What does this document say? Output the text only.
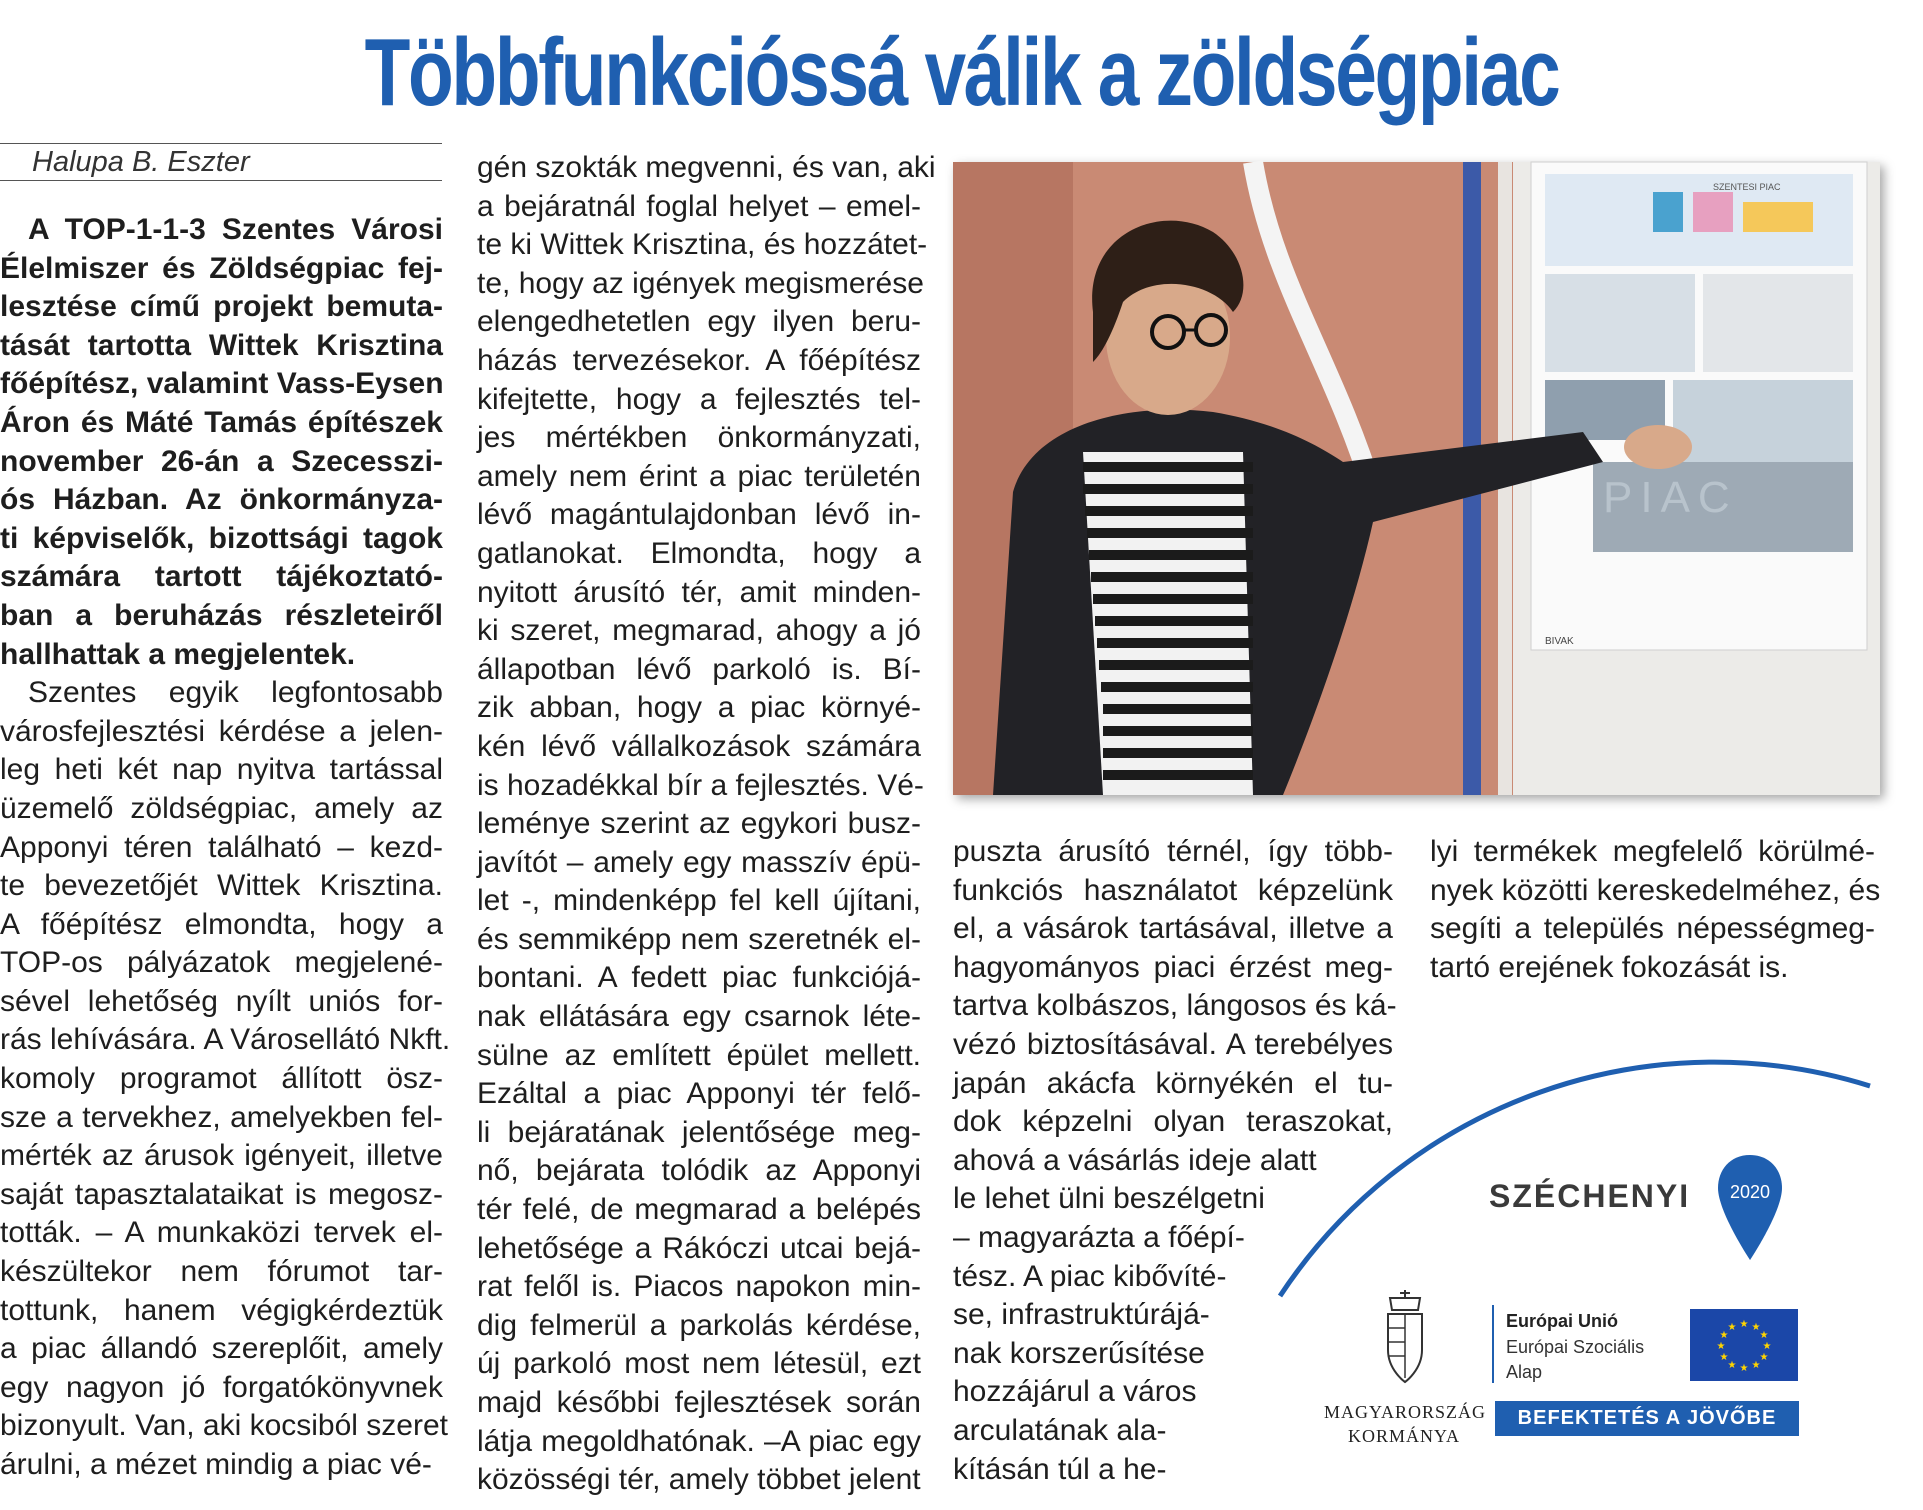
Többfunkcióssá válik a zöldségpiac
Halupa B. Eszter
A TOP-1-1-3 Szentes Városi
Élelmiszer és Zöldségpiac fej-
lesztése című projekt bemuta-
tását tartotta Wittek Krisztina
főépítész, valamint Vass-Eysen
Áron és Máté Tamás építészek
november 26-án a Szecesszi-
ós Házban. Az önkormányza-
ti képviselők, bizottsági tagok
számára tartott tájékoztató-
ban a beruházás részleteiről
hallhattak a megjelentek.
Szentes egyik legfontosabb
városfejlesztési kérdése a jelen-
leg heti két nap nyitva tartással
üzemelő zöldségpiac, amely az
Apponyi téren található – kezd-
te bevezetőjét Wittek Krisztina.
A főépítész elmondta, hogy a
TOP-os pályázatok megjelené-
sével lehetőség nyílt uniós for-
rás lehívására. A Városellátó Nkft.
komoly programot állított ösz-
sze a tervekhez, amelyekben fel-
mérték az árusok igényeit, illetve
saját tapasztalataikat is megosz-
tották. – A munkaközi tervek el-
készültekor nem fórumot tar-
tottunk, hanem végigkérdeztük
a piac állandó szereplőit, amely
egy nagyon jó forgatókönyvnek
bizonyult. Van, aki kocsiból szeret
árulni, a mézet mindig a piac vé-
gén szokták megvenni, és van, aki
a bejáratnál foglal helyet – emel-
te ki Wittek Krisztina, és hozzátet-
te, hogy az igények megismerése
elengedhetetlen egy ilyen beru-
házás tervezésekor. A főépítész
kifejtette, hogy a fejlesztés tel-
jes mértékben önkormányzati,
amely nem érint a piac területén
lévő magántulajdonban lévő in-
gatlanokat. Elmondta, hogy a
nyitott árusító tér, amit minden-
ki szeret, megmarad, ahogy a jó
állapotban lévő parkoló is. Bí-
zik abban, hogy a piac környé-
kén lévő vállalkozások számára
is hozadékkal bír a fejlesztés. Vé-
leménye szerint az egykori busz-
javítót – amely egy masszív épü-
let -, mindenképp fel kell újítani,
és semmiképp nem szeretnék el-
bontani. A fedett piac funkciójá-
nak ellátására egy csarnok léte-
sülne az említett épület mellett.
Ezáltal a piac Apponyi tér felő-
li bejáratának jelentősége meg-
nő, bejárata tolódik az Apponyi
tér felé, de megmarad a belépés
lehetősége a Rákóczi utcai bejá-
rat felől is. Piacos napokon min-
dig felmerül a parkolás kérdése,
új parkoló most nem létesül, ezt
majd későbbi fejlesztések során
látja megoldhatónak. –A piac egy
közösségi tér, amely többet jelent
SZENTESI PIAC
PIAC
BIVAK
puszta árusító térnél, így több-
funkciós használatot képzelünk
el, a vásárok tartásával, illetve a
hagyományos piaci érzést meg-
tartva kolbászos, lángosos és ká-
vézó biztosításával. A terebélyes
japán akácfa környékén el tu-
dok képzelni olyan teraszokat,
ahová a vásárlás ideje alatt
le lehet ülni beszélgetni
– magyarázta a főépí-
tész. A piac kibővíté-
se, infrastruktúrájá-
nak korszerűsítése
hozzájárul a város
arculatának ala-
kításán túl a he-
lyi termékek megfelelő körülmé-
nyek közötti kereskedelméhez, és
segíti a település népességmeg-
tartó erejének fokozását is.
SZÉCHENYI 2020
MAGYARORSZÁG
KORMÁNYA
Európai Unió
Európai Szociális
Alap
★ ★
★
★
★
★
★
★
★
★
★
★
BEFEKTETÉS A JÖVŐBE
